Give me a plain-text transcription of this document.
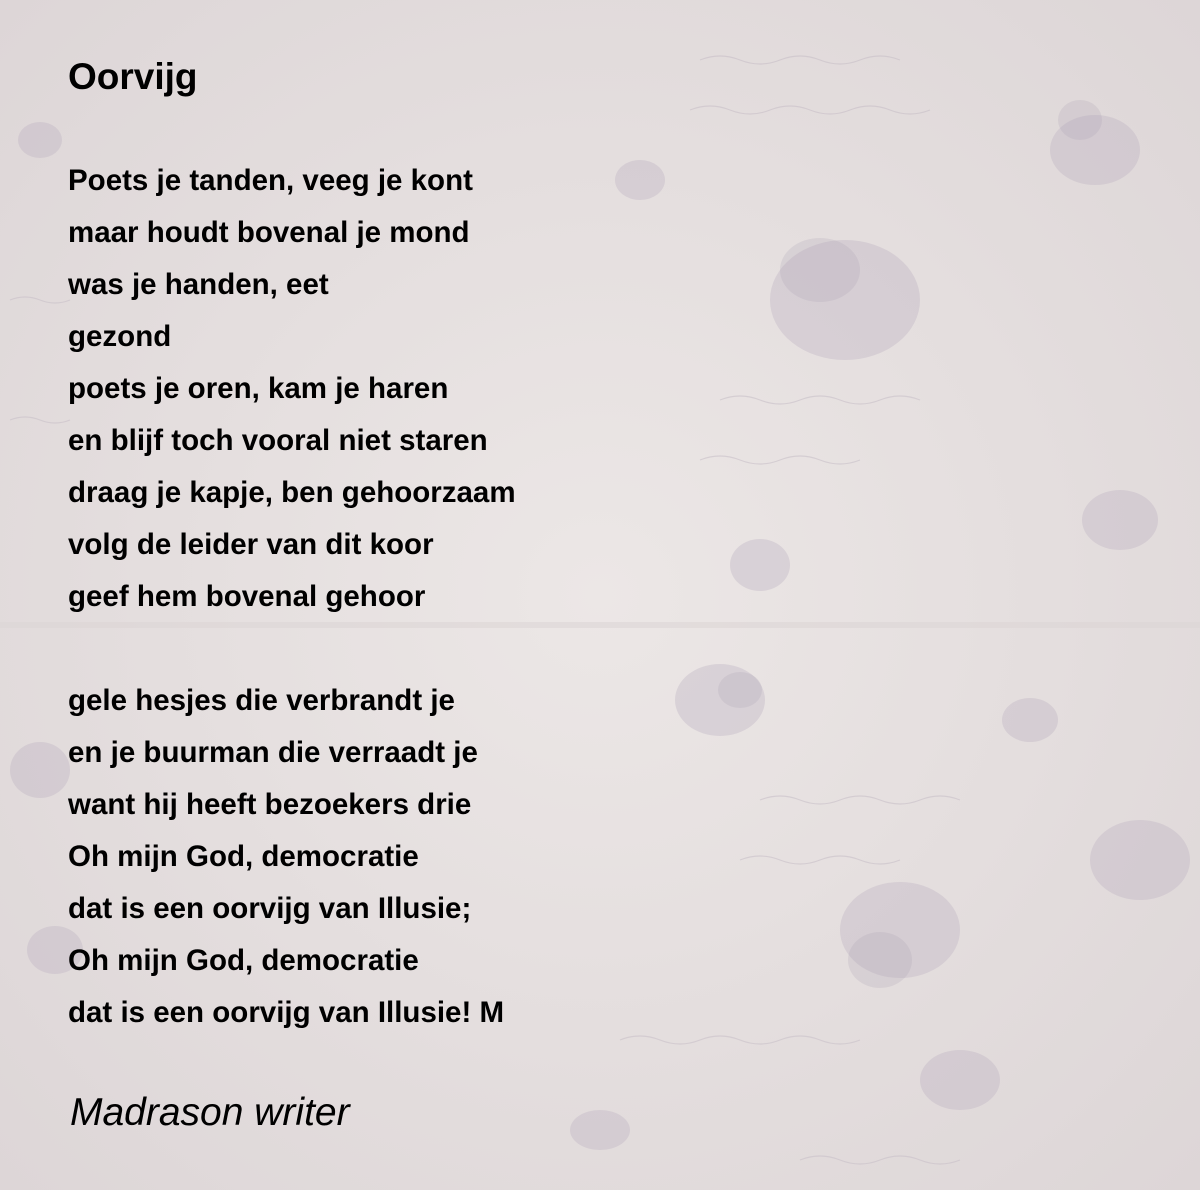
Oorvijg
Poets je tanden, veeg je kont
maar houdt bovenal je mond
was je handen, eet
gezond
poets je oren, kam je haren
en blijf toch vooral niet staren
draag je kapje, ben gehoorzaam
volg de leider van dit koor
geef hem bovenal gehoor
gele hesjes die verbrandt je
en je buurman die verraadt je
want hij heeft bezoekers drie
Oh mijn God, democratie
dat is een oorvijg van Illusie;
Oh mijn God, democratie
dat is een oorvijg van Illusie! M
Madrason writer
